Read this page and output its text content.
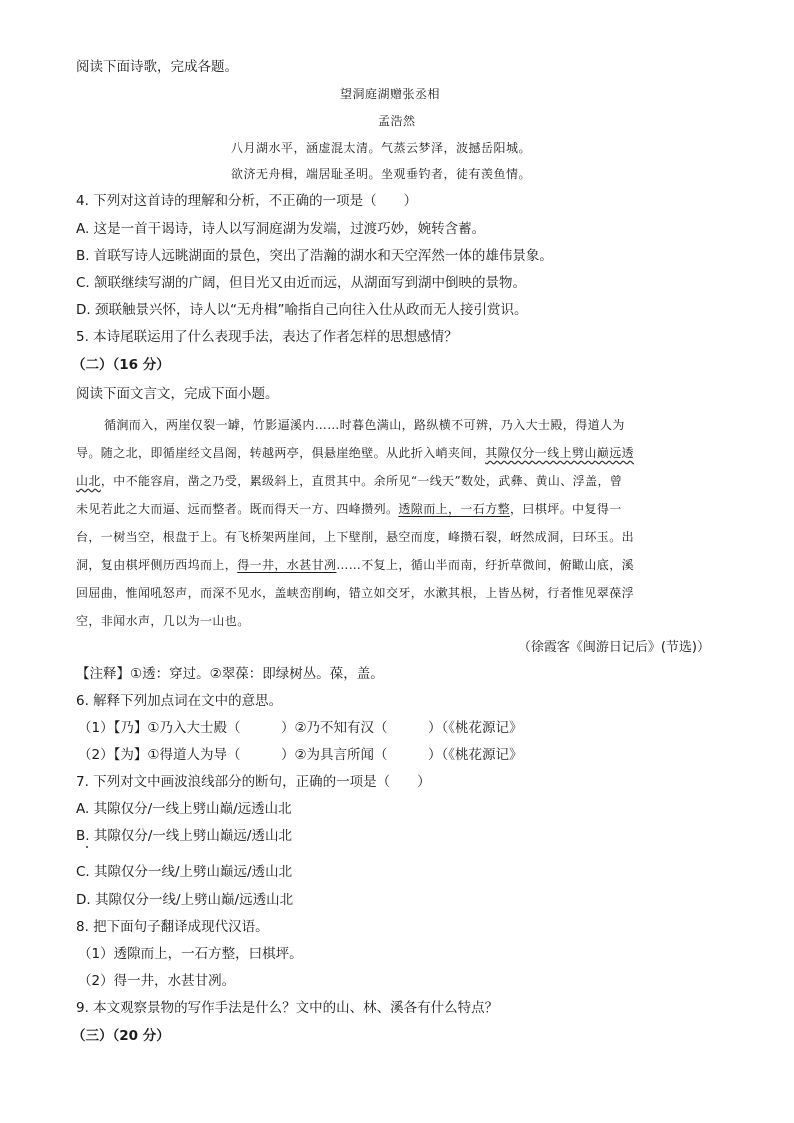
阅读下面诗歌，完成各题。
望洞庭湖赠张丞相
孟浩然
八月湖水平，涵虚混太清。气蒸云梦泽，波撼岳阳城。
欲济无舟楫，端居耻圣明。坐观垂钓者，徒有羡鱼情。
4. 下列对这首诗的理解和分析，不正确的一项是（　　）
A. 这是一首干谒诗，诗人以写洞庭湖为发端，过渡巧妙，婉转含蓄。
B. 首联写诗人远眺湖面的景色，突出了浩瀚的湖水和天空浑然一体的雄伟景象。
C. 颔联继续写湖的广阔，但目光又由近而远，从湖面写到湖中倒映的景物。
D. 颈联触景兴怀，诗人以“无舟楫”喻指自己向往入仕从政而无人接引赏识。
5. 本诗尾联运用了什么表现手法，表达了作者怎样的思想感情？
（二）（16 分）
阅读下面文言文，完成下面小题。
循涧而入，两崖仅裂一罅，竹影逼溪内……时暮色满山，路纵横不可辨，乃入大士殿，得道人为
导。随之北，即循崖经文昌阁，转越两亭，俱悬崖绝壁。从此折入峭夹间，其隙仅分一线上劈山巅远透
山北，中不能容肩，凿之乃受，累级斜上，直贯其中。余所见“一线天”数处，武彝、黄山、浮盖，曾
未见若此之大而逼、远而整者。既而得天一方、四峰攒列。透隙而上，一石方整，曰棋坪。中复得一
台，一树当空，根盘于上。有飞桥架两崖间，上下壁削，悬空而度，峰攒石裂，岈然成洞，曰环玉。出
洞，复由棋坪侧历西坞而上，得一井，水甚甘冽……不复上，循山半而南，纡折草微间，俯瞰山底，溪
回屈曲，惟闻吼怒声，而深不见水，盖峡峦削峋，错立如交牙，水漱其根，上皆丛树，行者惟见翠葆浮
空，非闻水声，几以为一山也。
（徐霞客《闽游日记后》(节选)）
【注释】①透：穿过。②翠葆：即绿树丛。葆，盖。
6. 解释下列加点词在文中的意思。
（1）【乃】①乃入大士殿（　　　）②乃不知有汉（　　　）（《桃花源记》
（2）【为】①得道人为导（　　　）②为具言所闻（　　　）（《桃花源记》
7. 下列对文中画波浪线部分的断句，正确的一项是（　　）
A. 其隙仅分/一线上劈山巅/远透山北
B. 其隙仅分/一线上劈山巅远/透山北
C. 其隙仅分一线/上劈山巅远/透山北
D. 其隙仅分一线/上劈山巅/远透山北
8. 把下面句子翻译成现代汉语。
（1）透隙而上，一石方整，曰棋坪。
（2）得一井，水甚甘冽。
9. 本文观察景物的写作手法是什么？文中的山、林、溪各有什么特点？
（三）（20 分）
